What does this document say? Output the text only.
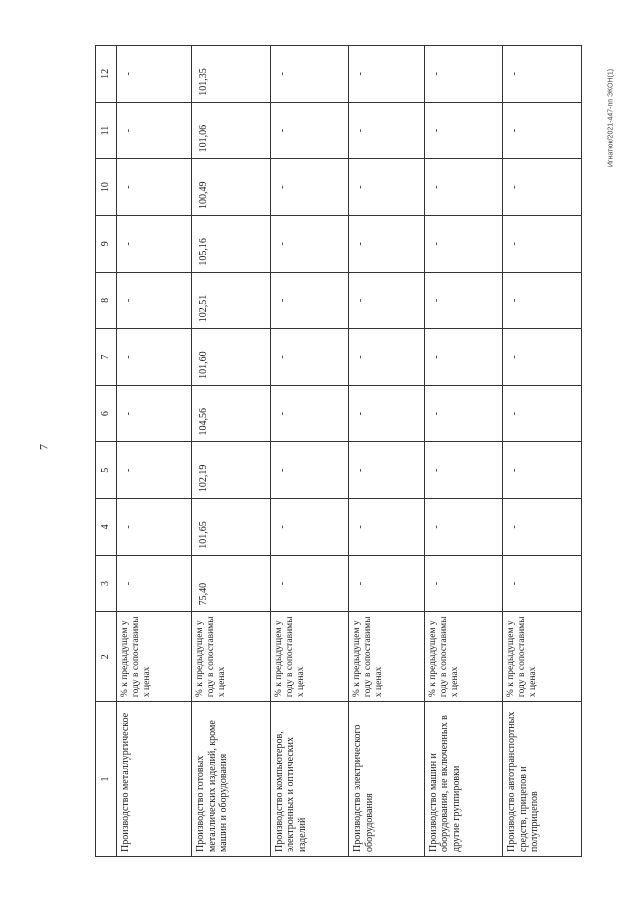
7
Игнатюк/2021-447-пп ЭКОН(1)
1	2	3	4	5	6	7	8	9	10	11	12
Производство металлургическое	% к предыдущем у году в сопоставимы х ценах	-	-	-	-	-	-	-	-	-	-
Производство готовых металлических изделий, кроме машин и оборудования	% к предыдущем у году в сопоставимы х ценах	75,40	101,65	102,19	104,56	101,60	102,51	105,16	100,49	101,06	101,35
Производство компьютеров, электронных и оптических изделий	% к предыдущем у году в сопоставимы х ценах	-	-	-	-	-	-	-	-	-	-
Производство электрического оборудования	% к предыдущем у году в сопоставимы х ценах	-	-	-	-	-	-	-	-	-	-
Производство машин и оборудования, не включенных в другие группировки	% к предыдущем у году в сопоставимы х ценах	-	-	-	-	-	-	-	-	-	-
Производство автотранспортных средств, прицепов и полуприцепов	% к предыдущем у году в сопоставимы х ценах	-	-	-	-	-	-	-	-	-	-
